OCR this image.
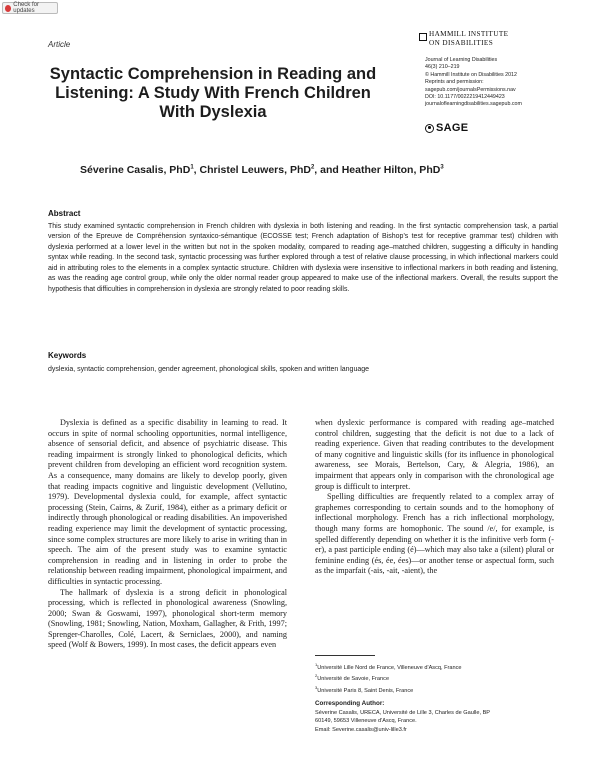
Check for updates
Article
HAMMILL INSTITUTE
ON DISABILITIES
Syntactic Comprehension in Reading and Listening: A Study With French Children With Dyslexia
Journal of Learning Disabilities
46(3) 210–219
© Hammill Institute on Disabilities 2012
Reprints and permission:
sagepub.com/journalsPermissions.nav
DOI: 10.1177/0022219412449423
journaloflearningdisabilities.sagepub.com
SAGE
Séverine Casalis, PhD$^1$, Christel Leuwers, PhD$^2$, and Heather Hilton, PhD$^3$
Abstract

This study examined syntactic comprehension in French children with dyslexia in both listening and reading. In the first syntactic comprehension task, a partial version of the Epreuve de Compréhension syntaxico-sémantique (ECOSSE test; French adaptation of Bishop's test for receptive grammar test) children with dyslexia performed at a lower level in the written but not in the spoken modality, compared to reading age–matched children, suggesting a difficulty in handling syntax while reading. In the second task, syntactic processing was further explored through a test of relative clause processing, in which inflectional markers could aid in attributing roles to the elements in a complex syntactic structure. Children with dyslexia were insensitive to inflectional markers in both reading and listening, as was the reading age control group, while only the older normal reader group appeared to make use of the inflectional markers. Overall, the results support the hypothesis that difficulties in comprehension in dyslexia are strongly related to poor reading skills.

Keywords
dyslexia, syntactic comprehension, gender agreement, phonological skills, spoken and written language

Dyslexia is defined as a specific disability in learning to read. It occurs in spite of normal schooling opportunities, normal intelligence, absence of sensorial deficit, and absence of psychiatric disease. This reading impairment is strongly linked to phonological deficits, which prevent children from developing an efficient word recognition system. As a consequence, many domains are likely to develop poorly, given that reading impacts cognitive and linguistic development (Vellutino, 1979). Developmental dyslexia could, for example, affect syntactic processing (Stein, Cairns, & Zurif, 1984), either as a primary deficit or indirectly through phonological or reading disabilities. An impoverished reading experience may limit the development of syntactic processing, since some complex structures are more likely to arise in writing than in speech. The aim of the present study was to examine syntactic comprehension in reading and in listening in order to probe the relationship between reading impairment, phonological impairment, and difficulties in syntactic processing.

The hallmark of dyslexia is a strong deficit in phonological processing, which is reflected in phonological awareness (Snowling, 2000; Swan & Goswami, 1997), phonological short-term memory (Snowling, 1981; Snowling, Nation, Moxham, Gallagher, & Frith, 1997; Sprenger-Charolles, Colé, Lacert, & Serniclaes, 2000), and naming speed (Wolf & Bowers, 1999). In most cases, the deficit appears even

when dyslexic performance is compared with reading age–matched control children, suggesting that the deficit is not due to a lack of reading experience. Given that reading contributes to the development of many cognitive and linguistic skills (for its influence in phonological awareness, see Morais, Bertelson, Cary, & Alegria, 1986), an impairment that appears only in comparison with the chronological age group is difficult to interpret.

Spelling difficulties are frequently related to a complex array of graphemes corresponding to certain sounds and to the homophony of inflectional morphology. French has a rich inflectional morphology, though many forms are homophonic. The sound /e/, for example, is spelled differently depending on whether it is the infinitive verb form (-er), a past participle ending (é)—which may also take a (silent) plural or feminine ending (és, ée, ées)—or another tense or aspectual form, such as the imparfait (-ais, -ait, -aient), the

$^1$Université Lille Nord de France, Villeneuve d'Ascq, France
$^2$Université de Savoie, France
$^3$Université Paris 8, Saint Denis, France
Corresponding Author:
Séverine Casalis, URECA, Université de Lille 3, Charles de Gaulle, BP
60149, 59653 Villeneuve d'Ascq, France.
Email: Severine.casalis@univ-lille3.fr
